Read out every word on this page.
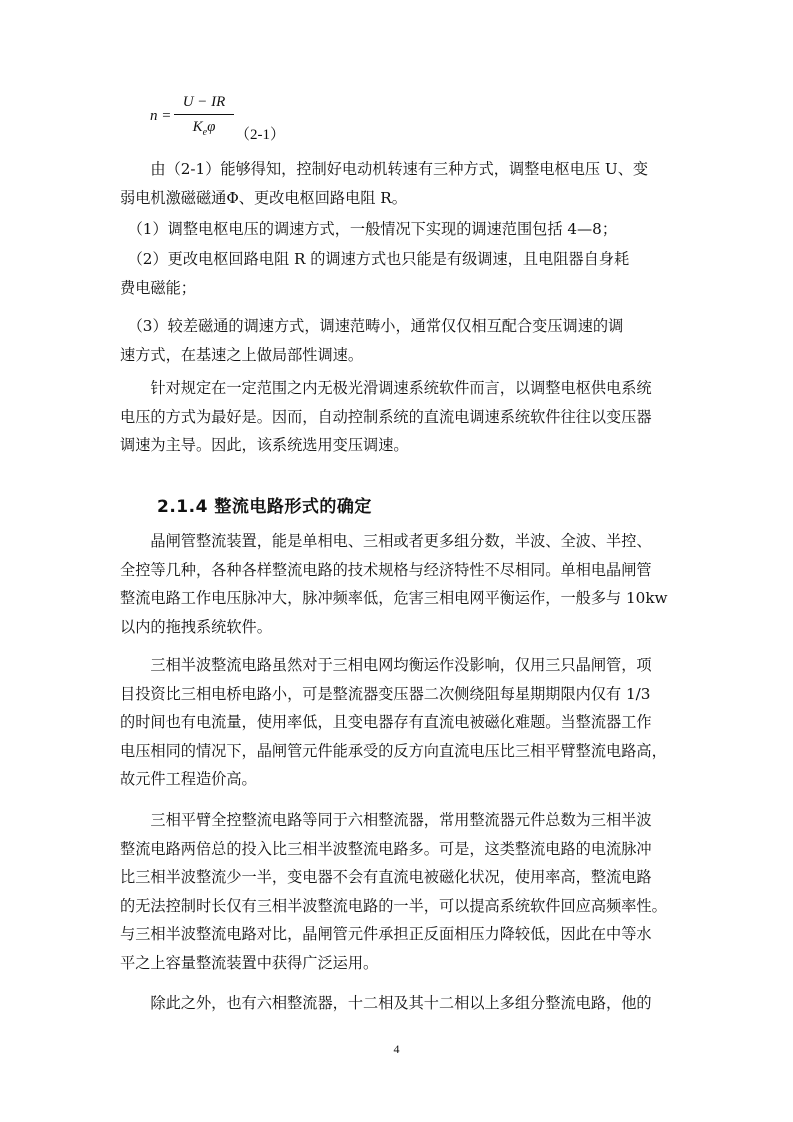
n =
U − IR
$K_e\varphi$	（2-1）
　　由（2-1）能够得知，控制好电动机转速有三种方式，调整电枢电压 U、变
弱电机激磁磁通Φ、更改电枢回路电阻 R。
　（1）调整电枢电压的调速方式，一般情况下实现的调速范围包括 4—8；
　（2）更改电枢回路电阻 R 的调速方式也只能是有级调速，且电阻器自身耗
费电磁能；
　（3）较差磁通的调速方式，调速范畴小，通常仅仅相互配合变压调速的调
速方式，在基速之上做局部性调速。
　　针对规定在一定范围之内无极光滑调速系统软件而言，以调整电枢供电系统
电压的方式为最好是。因而，自动控制系统的直流电调速系统软件往往以变压器
调速为主导。因此，该系统选用变压调速。
2.1.4 整流电路形式的确定
　　晶闸管整流装置，能是单相电、三相或者更多组分数，半波、全波、半控、
全控等几种，各种各样整流电路的技术规格与经济特性不尽相同。单相电晶闸管
整流电路工作电压脉冲大，脉冲频率低，危害三相电网平衡运作，一般多与 10kw
以内的拖拽系统软件。
　　三相半波整流电路虽然对于三相电网均衡运作没影响，仅用三只晶闸管，项
目投资比三相电桥电路小，可是整流器变压器二次侧绕阻每星期期限内仅有 1/3
的时间也有电流量，使用率低，且变电器存有直流电被磁化难题。当整流器工作
电压相同的情况下，晶闸管元件能承受的反方向直流电压比三相平臂整流电路高，
故元件工程造价高。
　　三相平臂全控整流电路等同于六相整流器，常用整流器元件总数为三相半波
整流电路两倍总的投入比三相半波整流电路多。可是，这类整流电路的电流脉冲
比三相半波整流少一半，变电器不会有直流电被磁化状况，使用率高，整流电路
的无法控制时长仅有三相半波整流电路的一半，可以提高系统软件回应高频率性。
与三相半波整流电路对比，晶闸管元件承担正反面相压力降较低，因此在中等水
平之上容量整流装置中获得广泛运用。
　　除此之外，也有六相整流器，十二相及其十二相以上多组分整流电路，他的
4
